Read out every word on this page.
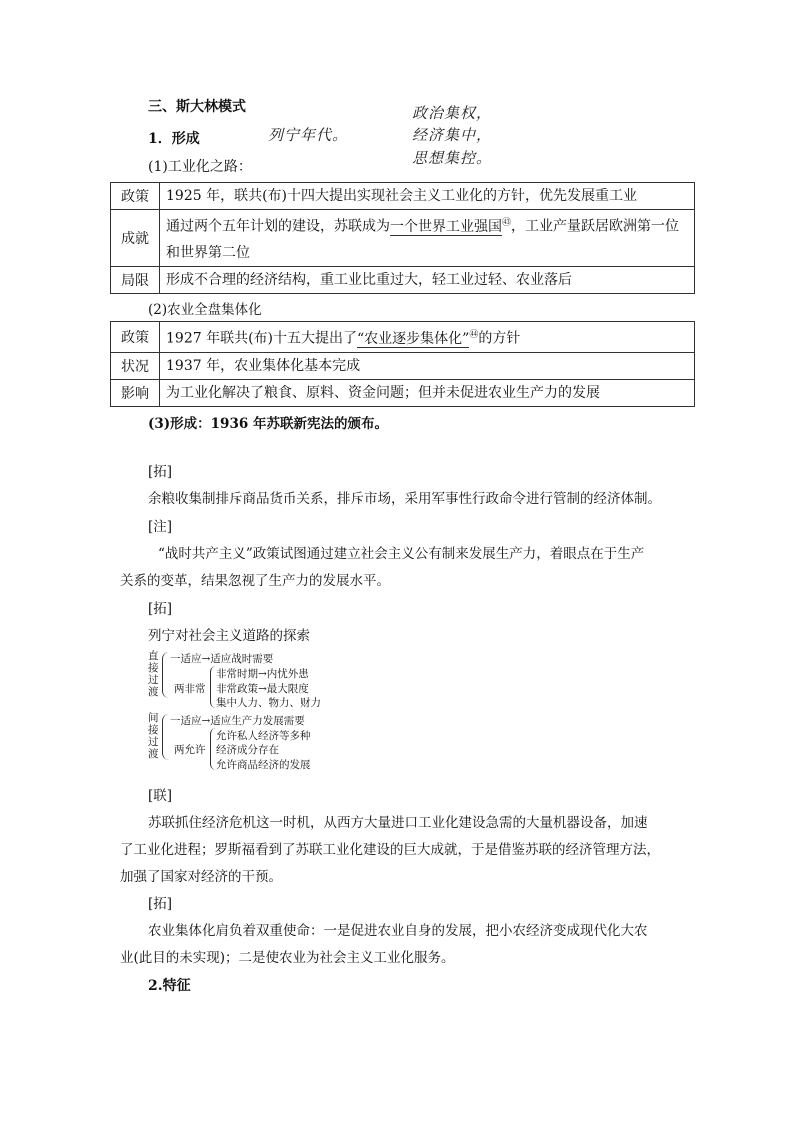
三、斯大林模式
1．形成	列宁年代。
政治集权，
经济集中，
思想集控。
(1)工业化之路：
政策	1925 年，联共(布)十四大提出实现社会主义工业化的方针，优先发展重工业
成就	通过两个五年计划的建设，苏联成为一个世界工业强国$^㊸$，工业产量跃居欧洲第一位和世界第二位
局限	形成不合理的经济结构，重工业比重过大，轻工业过轻、农业落后
(2)农业全盘集体化
政策	1927 年联共(布)十五大提出了“农业逐步集体化”$^㊹$的方针
状况	1937 年，农业集体化基本完成
影响	为工业化解决了粮食、原料、资金问题；但并未促进农业生产力的发展
(3)形成：1936 年苏联新宪法的颁布。
[拓]
余粮收集制排斥商品货币关系，排斥市场，采用军事性行政命令进行管制的经济体制。
[注]
“战时共产主义”政策试图通过建立社会主义公有制来发展生产力，着眼点在于生产
关系的变革，结果忽视了生产力的发展水平。
[拓]
列宁对社会主义道路的探索
直接过渡
一适应→适应战时需要
两非常
非常时期→内忧外患
非常政策→最大限度
集中人力、物力、财力
间接过渡
一适应→适应生产力发展需要
两允许
允许私人经济等多种
经济成分存在
允许商品经济的发展
[联]
苏联抓住经济危机这一时机，从西方大量进口工业化建设急需的大量机器设备，加速
了工业化进程；罗斯福看到了苏联工业化建设的巨大成就，于是借鉴苏联的经济管理方法，
加强了国家对经济的干预。
[拓]
农业集体化肩负着双重使命：一是促进农业自身的发展，把小农经济变成现代化大农
业(此目的未实现)；二是使农业为社会主义工业化服务。
2.特征
